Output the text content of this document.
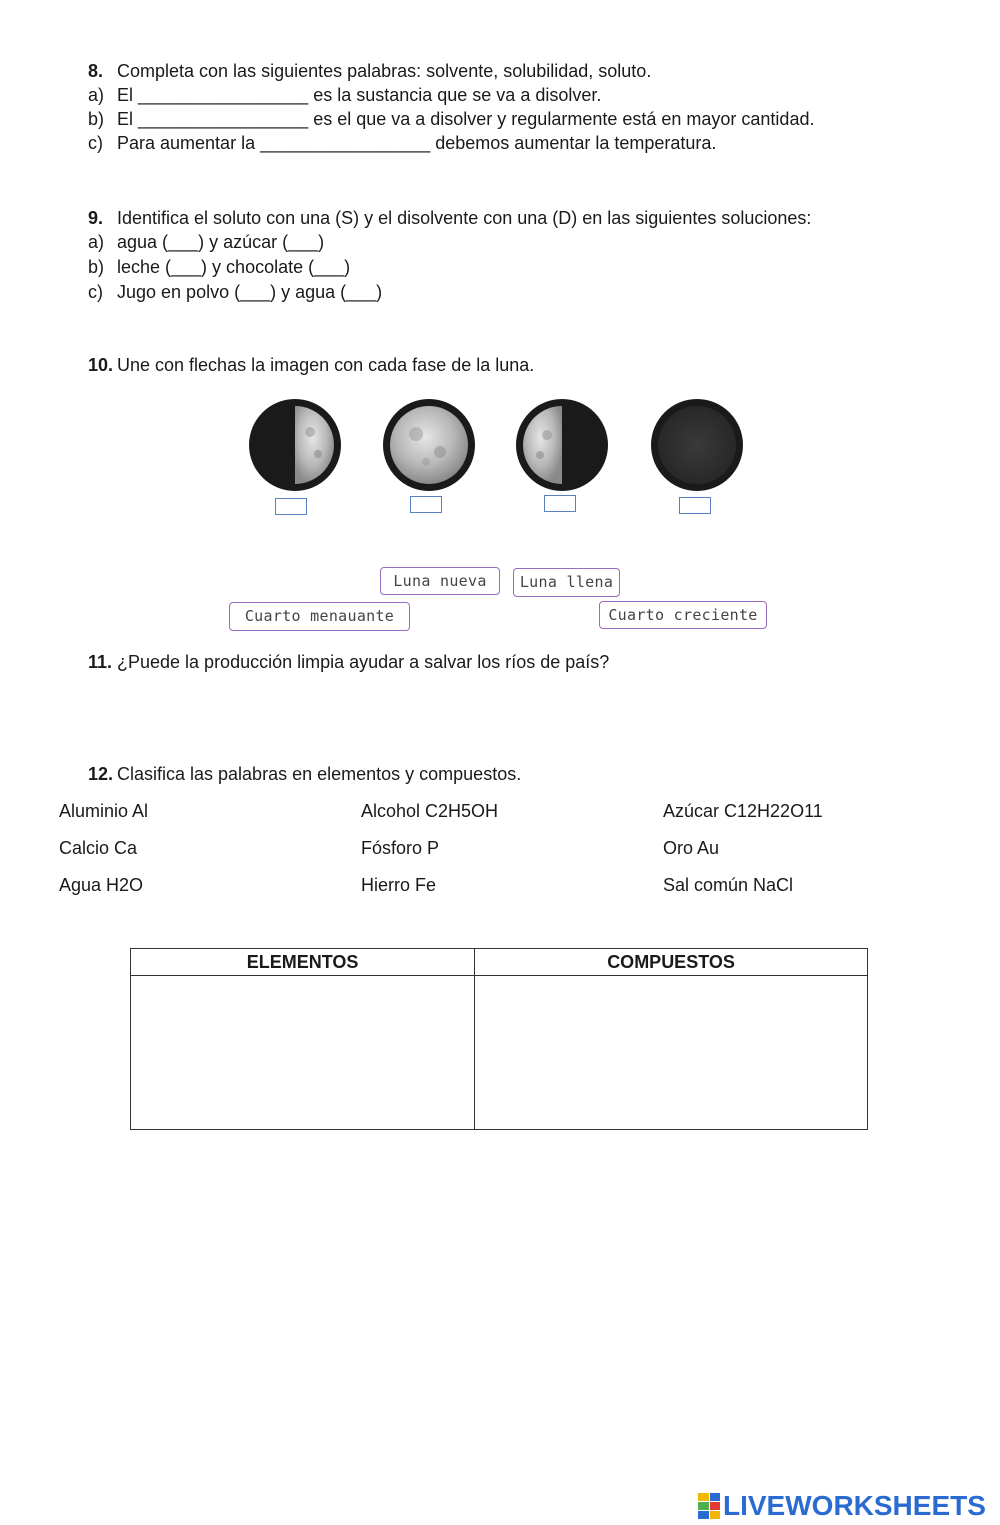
8. Completa con las siguientes palabras: solvente, solubilidad, soluto.
a) El _________________ es la sustancia que se va a disolver.
b) El _________________ es el que va a disolver y regularmente está en mayor cantidad.
c) Para aumentar la _________________ debemos aumentar la temperatura.
9. Identifica el soluto con una (S) y el disolvente con una (D) en las siguientes soluciones:
a) agua (___) y azúcar (___)
b) leche (___) y chocolate (___)
c) Jugo en polvo (___) y agua (___)
10. Une con flechas la imagen con cada fase de la luna.
Luna nueva	Luna llena
Cuarto menauante	Cuarto creciente
11. ¿Puede la producción limpia ayudar a salvar los ríos de país?
12. Clasifica las palabras en elementos y compuestos.
Aluminio Al	Alcohol C2H5OH	Azúcar C12H22O11
Calcio Ca	Fósforo P	Oro Au
Agua H2O	Hierro Fe	Sal común NaCl
ELEMENTOS	COMPUESTOS

LIVEWORKSHEETS
